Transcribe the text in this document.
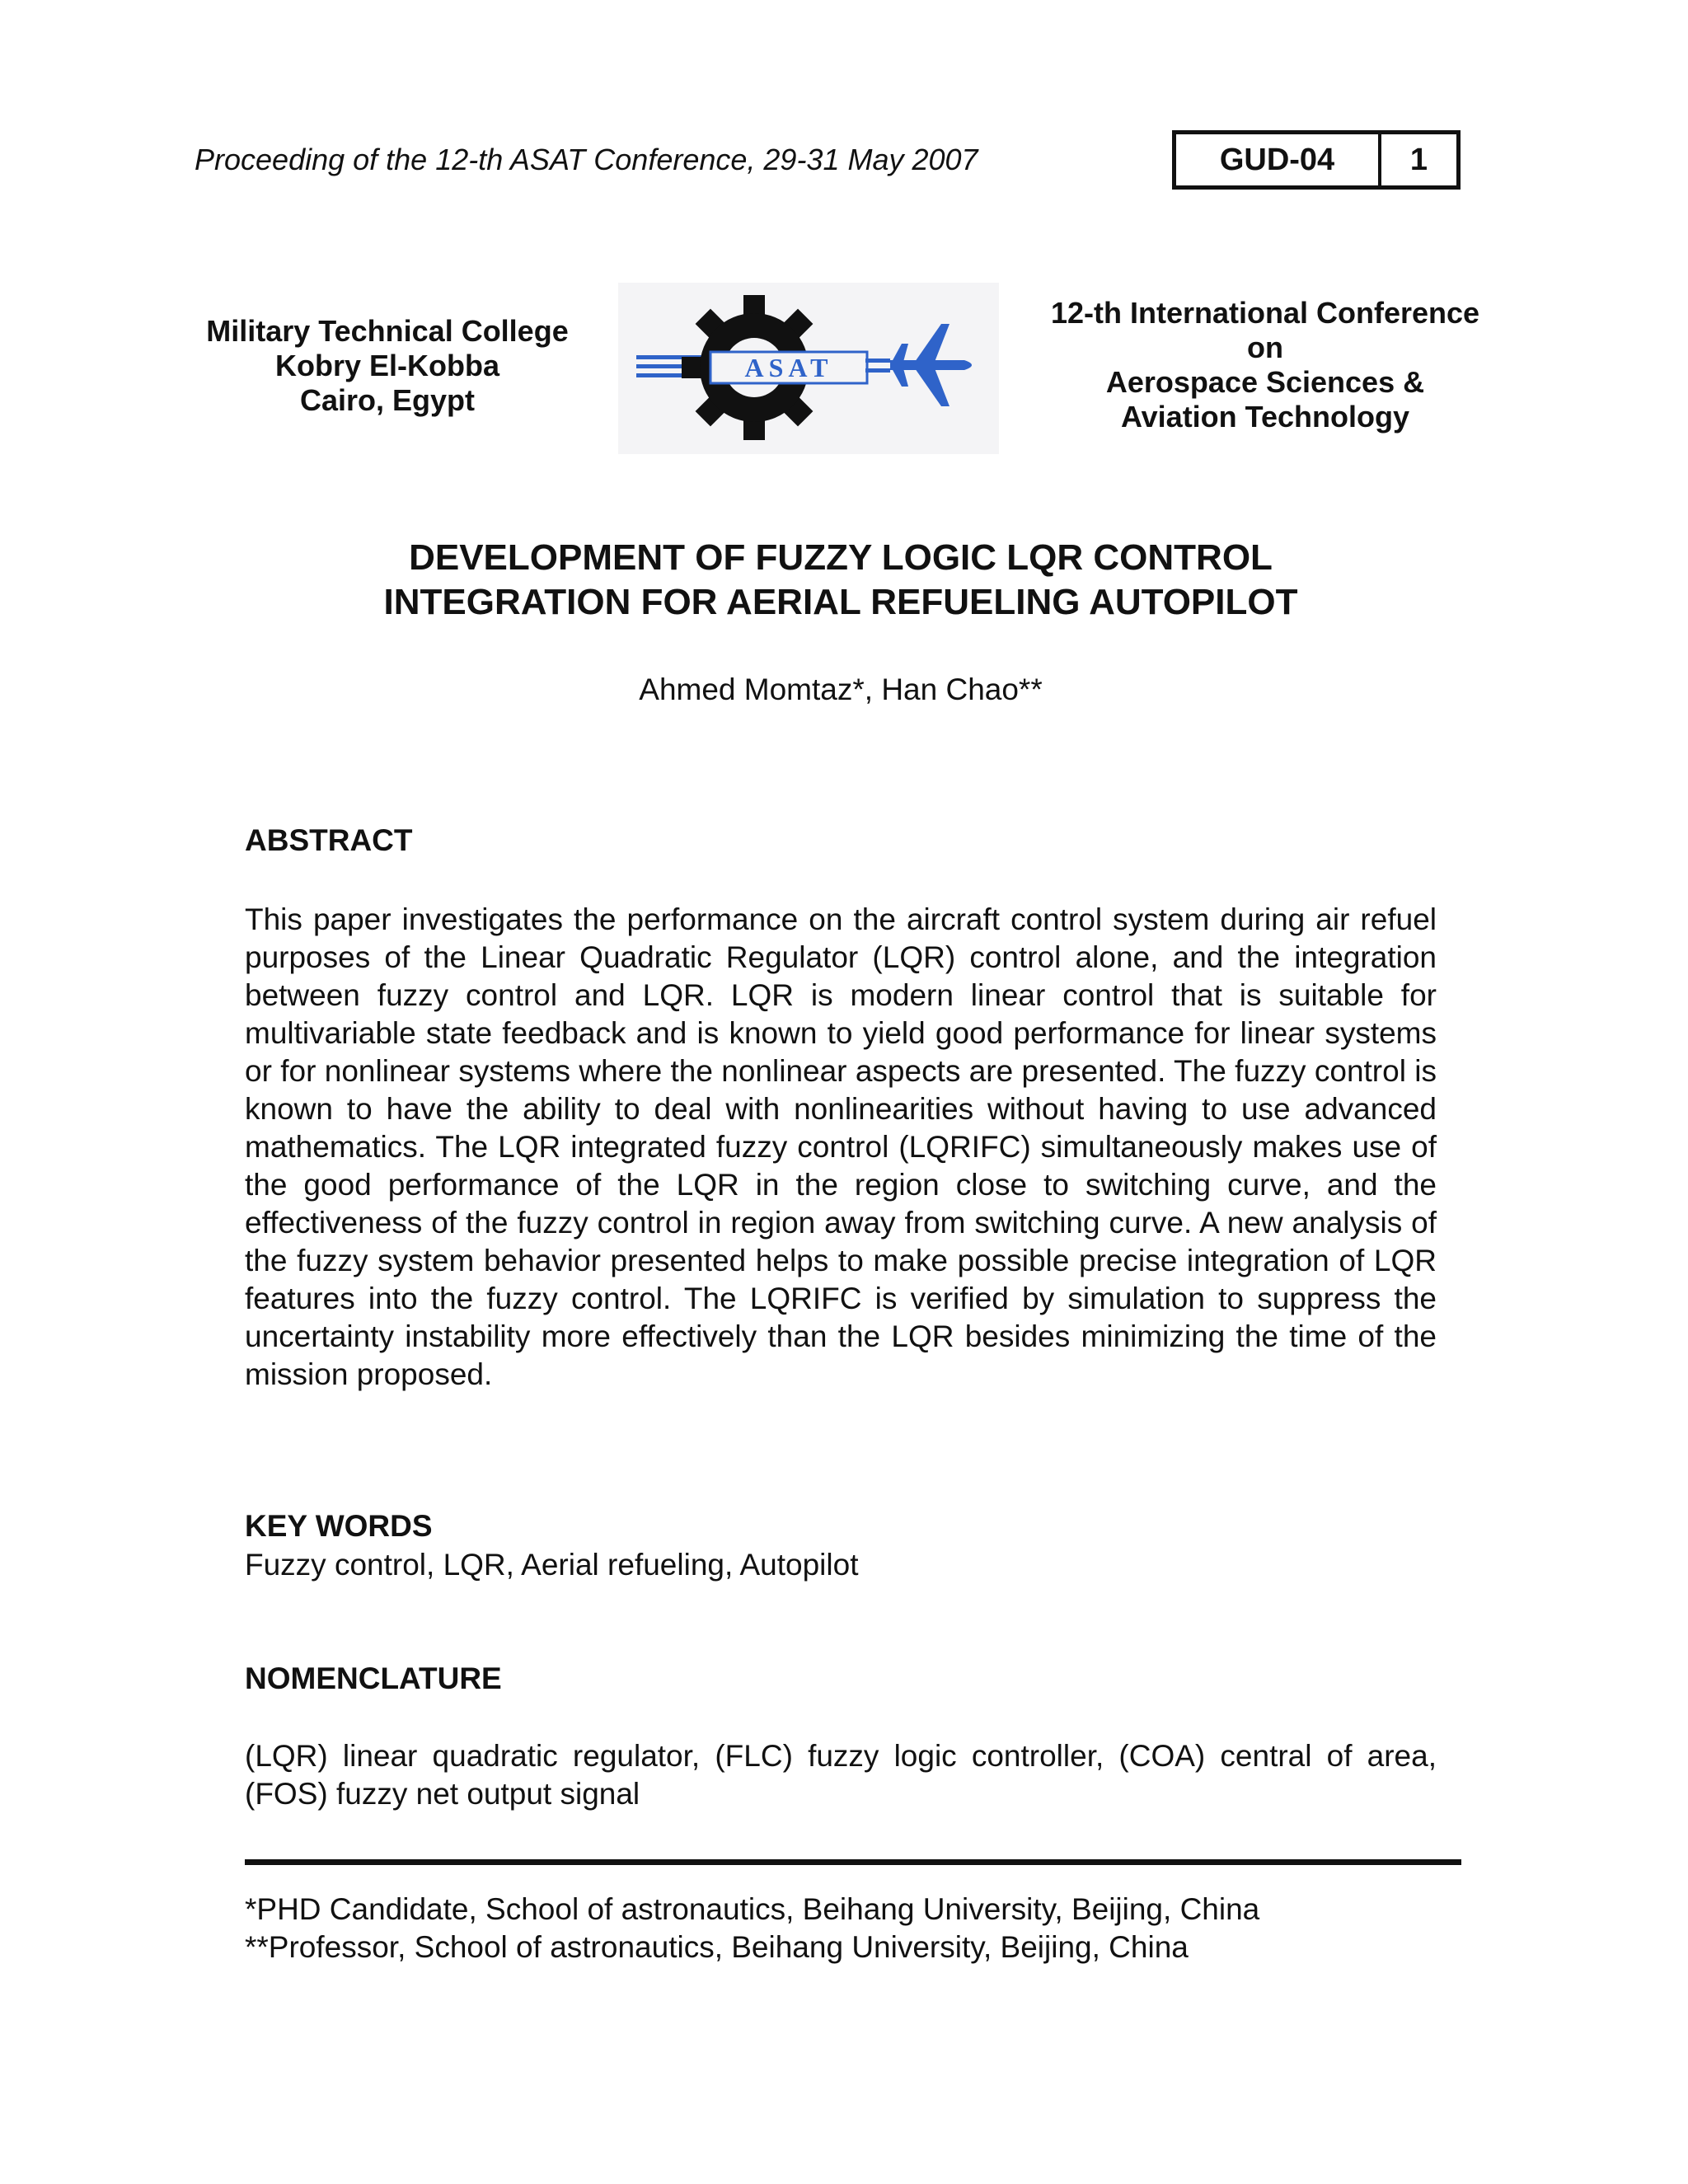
Proceeding of the 12-th ASAT Conference, 29-31 May 2007	GUD-04	1
Military Technical College
Kobry El-Kobba
Cairo, Egypt
ASAT
12-th International Conference
on
Aerospace Sciences &
Aviation Technology
DEVELOPMENT OF FUZZY LOGIC LQR CONTROL
INTEGRATION FOR AERIAL REFUELING AUTOPILOT
Ahmed Momtaz*, Han Chao**
ABSTRACT
This paper investigates the performance on the aircraft control system during air refuel purposes of the Linear Quadratic Regulator (LQR) control alone, and the integration between fuzzy control and LQR. LQR is modern linear control that is suitable for multivariable state feedback and is known to yield good performance for linear systems or for nonlinear systems where the nonlinear aspects are presented. The fuzzy control is known to have the ability to deal with nonlinearities without having to use advanced mathematics. The LQR integrated fuzzy control (LQRIFC) simultaneously makes use of the good performance of the LQR in the region close to switching curve, and the effectiveness of the fuzzy control in region away from switching curve. A new analysis of the fuzzy system behavior presented helps to make possible precise integration of LQR features into the fuzzy control. The LQRIFC is verified by simulation to suppress the uncertainty instability more effectively than the LQR besides minimizing the time of the mission proposed.
KEY WORDS
Fuzzy control, LQR, Aerial refueling, Autopilot
NOMENCLATURE
(LQR) linear quadratic regulator, (FLC) fuzzy logic controller, (COA) central of area, (FOS) fuzzy net output signal
*PHD Candidate, School of astronautics, Beihang University, Beijing, China
**Professor, School of astronautics, Beihang University, Beijing, China
